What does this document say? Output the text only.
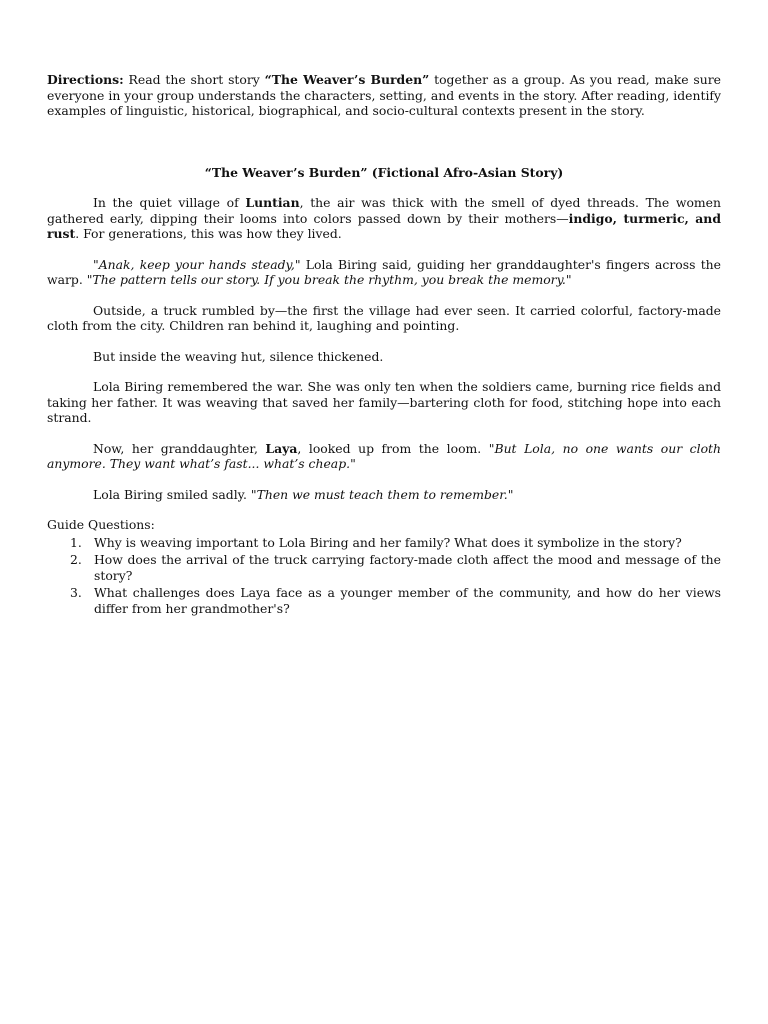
Directions: Read the short story “The Weaver’s Burden” together as a group. As you read, make sure everyone in your group understands the characters, setting, and events in the story. After reading, identify examples of linguistic, historical, biographical, and socio-cultural contexts present in the story.

“The Weaver’s Burden” (Fictional Afro-Asian Story)

In the quiet village of Luntian, the air was thick with the smell of dyed threads. The women gathered early, dipping their looms into colors passed down by their mothers—indigo, turmeric, and rust. For generations, this was how they lived.

"Anak, keep your hands steady," Lola Biring said, guiding her granddaughter's fingers across the warp. "The pattern tells our story. If you break the rhythm, you break the memory."

Outside, a truck rumbled by—the first the village had ever seen. It carried colorful, factory-made cloth from the city. Children ran behind it, laughing and pointing.

But inside the weaving hut, silence thickened.

Lola Biring remembered the war. She was only ten when the soldiers came, burning rice fields and taking her father. It was weaving that saved her family—bartering cloth for food, stitching hope into each strand.

Now, her granddaughter, Laya, looked up from the loom. "But Lola, no one wants our cloth anymore. They want what’s fast... what’s cheap."

Lola Biring smiled sadly. "Then we must teach them to remember."

Guide Questions:

1. Why is weaving important to Lola Biring and her family? What does it symbolize in the story?
2. How does the arrival of the truck carrying factory-made cloth affect the mood and message of the story?
3. What challenges does Laya face as a younger member of the community, and how do her views differ from her grandmother's?
